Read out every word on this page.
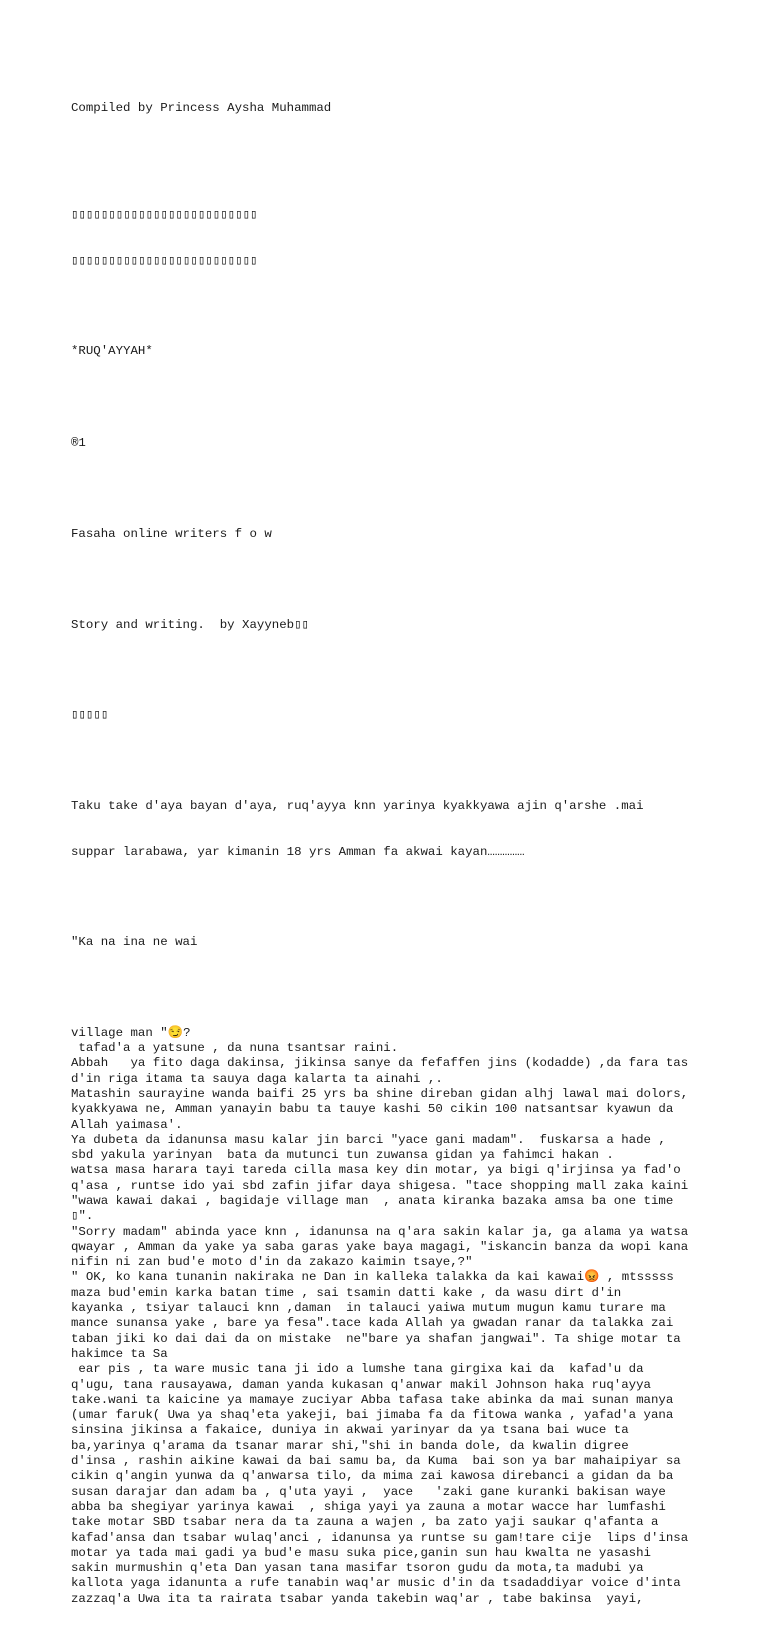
Compiled by Princess Aysha Muhammad

▯▯▯▯▯▯▯▯▯▯▯▯▯▯▯▯▯▯▯▯▯▯▯▯▯

▯▯▯▯▯▯▯▯▯▯▯▯▯▯▯▯▯▯▯▯▯▯▯▯▯

*RUQ'AYYAH*

®1

Fasaha online writers f o w

Story and writing.  by Xayyneb▯▯

▯▯▯▯▯

Taku take d'aya bayan d'aya, ruq'ayya knn yarinya kyakkyawa ajin q'arshe .mai

suppar larabawa, yar kimanin 18 yrs Amman fa akwai kayan……………

"Ka na ina ne wai

village man "😏?
tafad'a a yatsune , da nuna tsantsar raini.
Abbah   ya fito daga dakinsa, jikinsa sanye da fefaffen jins (kodadde) ,da fara tas
d'in riga itama ta sauya daga kalarta ta ainahi ,.
Matashin saurayine wanda baifi 25 yrs ba shine direban gidan alhj lawal mai dolors,
kyakkyawa ne, Amman yanayin babu ta tauye kashi 50 cikin 100 natsantsar kyawun da
Allah yaimasa'.
Ya dubeta da idanunsa masu kalar jin barci "yace gani madam".  fuskarsa a hade ,
sbd yakula yarinyan  bata da mutunci tun zuwansa gidan ya fahimci hakan .
watsa masa harara tayi tareda cilla masa key din motar, ya bigi q'irjinsa ya fad'o
q'asa , runtse ido yai sbd zafin jifar daya shigesa. "tace shopping mall zaka kaini
"wawa kawai dakai , bagidaje village man  , anata kiranka bazaka amsa ba one time
▯".
"Sorry madam" abinda yace knn , idanunsa na q'ara sakin kalar ja, ga alama ya watsa
qwayar , Amman da yake ya saba garas yake baya magagi, "iskancin banza da wopi kana
nifin ni zan bud'e moto d'in da zakazo kaimin tsaye,?"
" OK, ko kana tunanin nakiraka ne Dan in kalleka talakka da kai kawai😡 , mtsssss
maza bud'emin karka batan time , sai tsamin datti kake , da wasu dirt d'in
kayanka , tsiyar talauci knn ,daman  in talauci yaiwa mutum mugun kamu turare ma
mance sunansa yake , bare ya fesa".tace kada Allah ya gwadan ranar da talakka zai
taban jiki ko dai dai da on mistake  ne"bare ya shafan jangwai". Ta shige motar ta
hakimce ta Sa
ear pis , ta ware music tana ji ido a lumshe tana girgixa kai da  kafad'u da
q'ugu, tana rausayawa, daman yanda kukasan q'anwar makil Johnson haka ruq'ayya
take.wani ta kaicine ya mamaye zuciyar Abba tafasa take abinka da mai sunan manya
(umar faruk( Uwa ya shaq'eta yakeji, bai jimaba fa da fitowa wanka , yafad'a yana
sinsina jikinsa a fakaice, duniya in akwai yarinyar da ya tsana bai wuce ta
ba,yarinya q'arama da tsanar marar shi,"shi in banda dole, da kwalin digree
d'insa , rashin aikine kawai da bai samu ba, da Kuma  bai son ya bar mahaipiyar sa
cikin q'angin yunwa da q'anwarsa tilo, da mima zai kawosa direbanci a gidan da ba
susan darajar dan adam ba , q'uta yayi ,  yace   'zaki gane kuranki bakisan waye
abba ba shegiyar yarinya kawai  , shiga yayi ya zauna a motar wacce har lumfashi
take motar SBD tsabar nera da ta zauna a wajen , ba zato yaji saukar q'afanta a
kafad'ansa dan tsabar wulaq'anci , idanunsa ya runtse su gam!tare cije  lips d'insa
motar ya tada mai gadi ya bud'e masu suka pice,ganin sun hau kwalta ne yasashi
sakin murmushin q'eta Dan yasan tana masifar tsoron gudu da mota,ta madubi ya
kallota yaga idanunta a rufe tanabin waq'ar music d'in da tsadaddiyar voice d'inta
zazzaq'a Uwa ita ta rairata tsabar yanda takebin waq'ar , tabe bakinsa  yayi,
